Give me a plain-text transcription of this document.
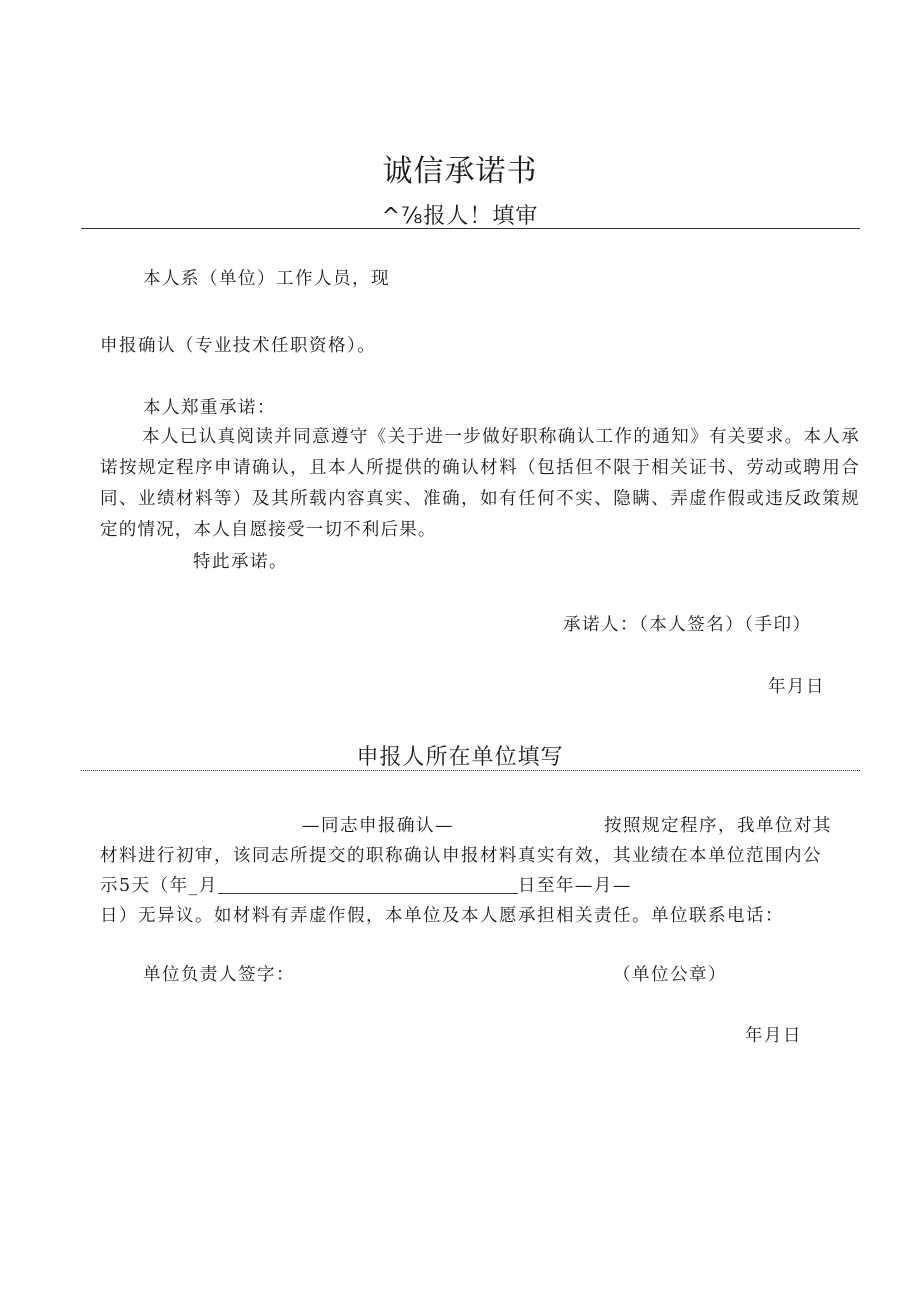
诚信承诺书
^⅞报人！填审
本人系（单位）工作人员，现
申报确认（专业技术任职资格）。
本人郑重承诺：
本人已认真阅读并同意遵守《关于进一步做好职称确认工作的通知》有关要求。本人承诺按规定程序申请确认，且本人所提供的确认材料（包括但不限于相关证书、劳动或聘用合同、业绩材料等）及其所载内容真实、准确，如有任何不实、隐瞒、弄虚作假或违反政策规定的情况，本人自愿接受一切不利后果。
特此承诺。
承诺人：（本人签名）（手印）
年月日
申报人所在单位填写
—同志申报确认—	按照规定程序，我单位对其
材料进行初审，该同志所提交的职称确认申报材料真实有效，其业绩在本单位范围内公
示5天（年_月	日至年—月—
日）无异议。如材料有弄虚作假，本单位及本人愿承担相关责任。单位联系电话：
单位负责人签字：	（单位公章）
年月日
